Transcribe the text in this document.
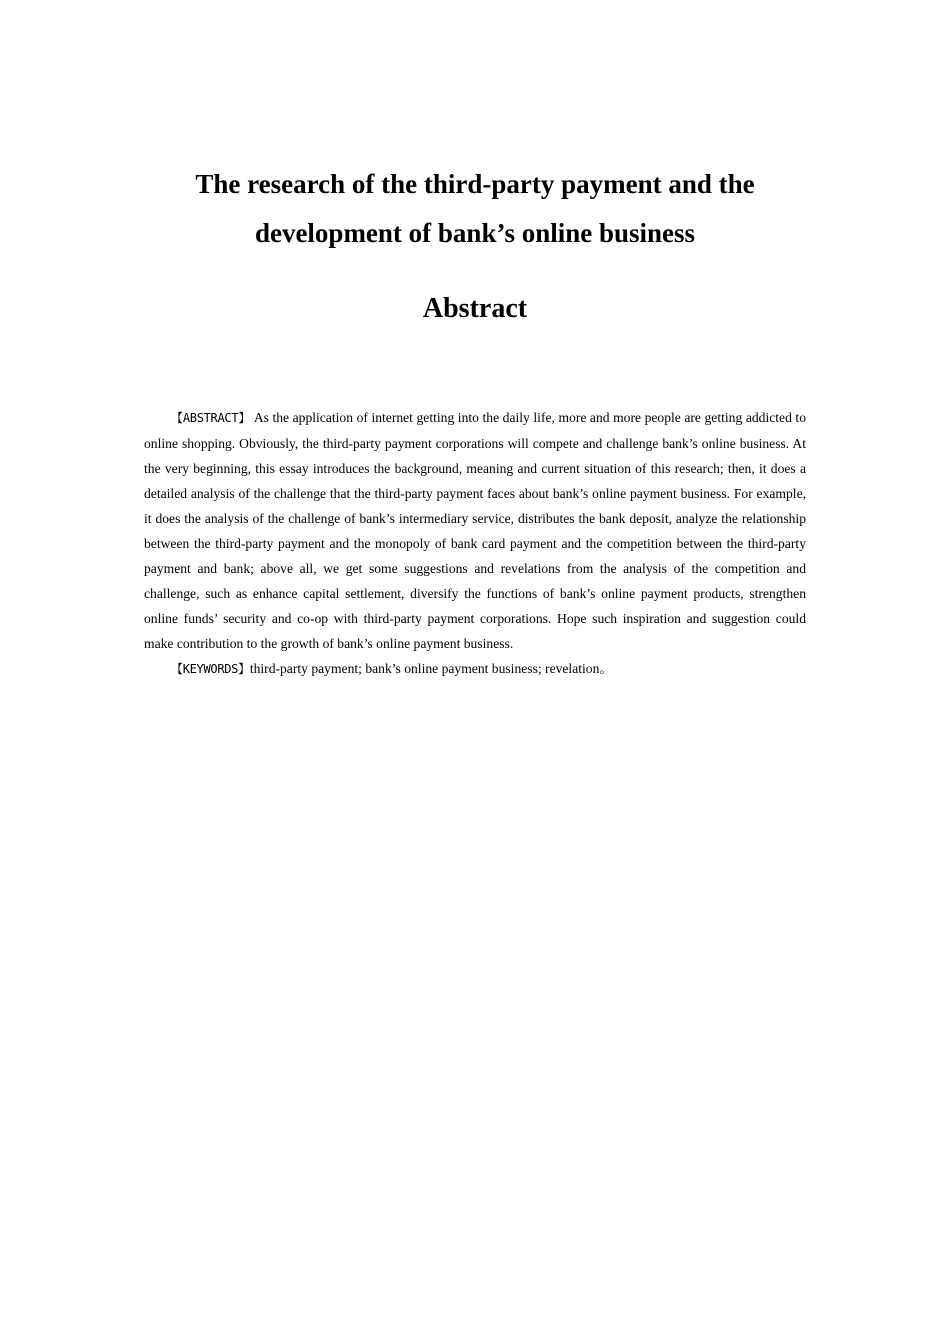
The research of the third-party payment and the
development of bank’s online business
Abstract

【ABSTRACT】 As the application of internet getting into the daily life, more and more people are getting addicted to online shopping. Obviously, the third-party payment corporations will compete and challenge bank’s online business. At the very beginning, this essay introduces the background, meaning and current situation of this research; then, it does a detailed analysis of the challenge that the third-party payment faces about bank’s online payment business. For example, it does the analysis of the challenge of bank’s intermediary service, distributes the bank deposit, analyze the relationship between the third-party payment and the monopoly of bank card payment and the competition between the third-party payment and bank; above all, we get some suggestions and revelations from the analysis of the competition and challenge, such as enhance capital settlement, diversify the functions of bank’s online payment products, strengthen online funds’ security and co-op with third-party payment corporations. Hope such inspiration and suggestion could make contribution to the growth of bank’s online payment business.

【KEYWORDS】third-party payment; bank’s online payment business; revelation。
